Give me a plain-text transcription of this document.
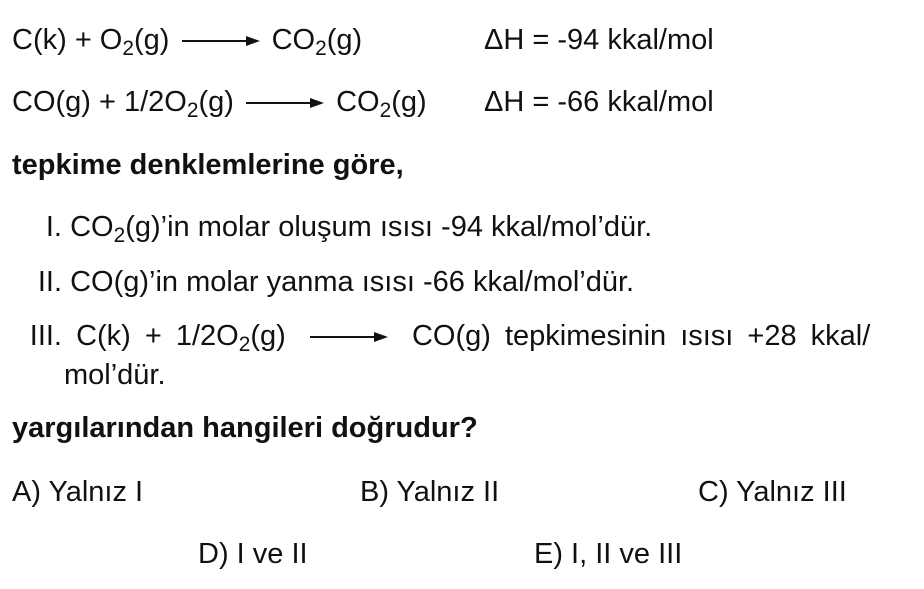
$C(k) + O_2(g) \to CO_2(g)$	ΔH = -94 kkal/mol
$CO(g) + 1/2O_2(g) \to CO_2(g) \Delta H = -66$ kkal/mol
tepkime denklemlerine göre,
I. $CO_2(g)’in$ molar oluşum ısısı -94 kkal/mol’dür.
II. CO(g)’in molar yanma ısısı -66 kkal/mol’dür.
III. $C(k) + 1/2O_2(g) \to CO(g)$ tepkimesinin ısısı +28 kkal/
mol’dür.
yargılarından hangileri doğrudur?
A) Yalnız I	B) Yalnız II	C) Yalnız III
D) I ve II	E) I, II ve III
